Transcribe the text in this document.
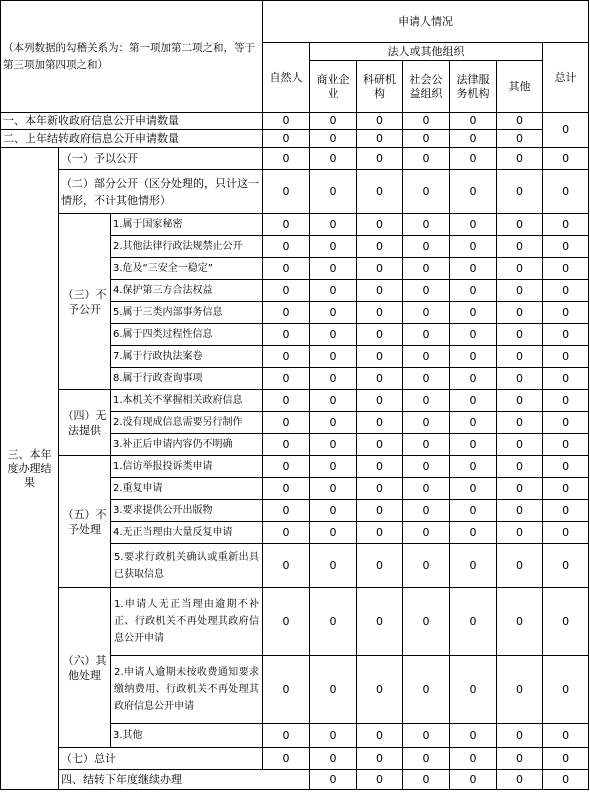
（本列数据的勾稽关系为：第一项加第二项之和，等于第三项加第四项之和）			申请人情况							
			自然人	法人或其他组织					总计	
				商业企业	科研机构	社会公益组织	法律服务机构	其他		
一、本年新收政府信息公开申请数量			0	0	0	0	0	0	0	
二、上年结转政府信息公开申请数量			0	0	0	0	0	0		
三、本年度办理结果	（一）予以公开		0	0	0	0	0	0	0	
	（二）部分公开（区分处理的，只计这一情形，不计其他情形）		0	0	0	0	0	0	0	
	（三）不予公开	1.属于国家秘密	0	0	0	0	0	0	0	
		2.其他法律行政法规禁止公开	0	0	0	0	0	0	0	
		3.危及“三安全一稳定”	0	0	0	0	0	0	0	
		4.保护第三方合法权益	0	0	0	0	0	0	0	
		5.属于三类内部事务信息	0	0	0	0	0	0	0	
		6.属于四类过程性信息	0	0	0	0	0	0	0	
		7.属于行政执法案卷	0	0	0	0	0	0	0	
		8.属于行政查询事项	0	0	0	0	0	0	0	
	（四）无法提供	1.本机关不掌握相关政府信息	0	0	0	0	0	0	0	
		2.没有现成信息需要另行制作	0	0	0	0	0	0	0	
		3.补正后申请内容仍不明确	0	0	0	0	0	0	0	
	（五）不予处理	1.信访举报投诉类申请	0	0	0	0	0	0	0	
		2.重复申请	0	0	0	0	0	0	0	
		3.要求提供公开出版物	0	0	0	0	0	0	0	
		4.无正当理由大量反复申请	0	0	0	0	0	0	0	
		5.要求行政机关确认或重新出具已获取信息	0	0	0	0	0	0	0	
	（六）其他处理	1.申请人无正当理由逾期不补正、行政机关不再处理其政府信息公开申请	0	0	0	0	0	0	0	
		2.申请人逾期未按收费通知要求缴纳费用、行政机关不再处理其政府信息公开申请	0	0	0	0	0	0	0	
		3.其他	0	0	0	0	0	0	0	
	（七）总计		0	0	0	0	0	0	0	
	四、结转下年度继续办理			0	0	0	0	0	0	
